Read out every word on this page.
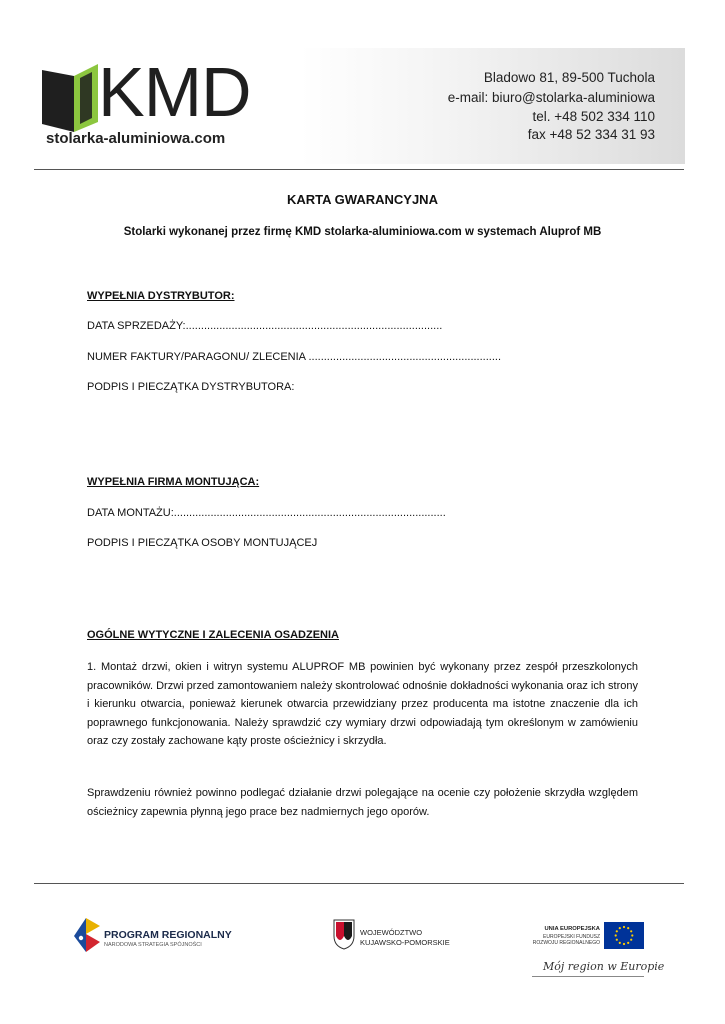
KMD
stolarka-aluminiowa.com
Bladowo 81, 89-500 Tuchola
e-mail: biuro@stolarka-aluminiowa
tel. +48 502 334 110
fax +48 52 334 31 93
KARTA GWARANCYJNA
Stolarki wykonanej przez firmę KMD stolarka-aluminiowa.com w systemach Aluprof MB
WYPEŁNIA DYSTRYBUTOR:
DATA SPRZEDAŻY:....................................................................................
NUMER FAKTURY/PARAGONU/ ZLECENIA ...............................................................
PODPIS I PIECZĄTKA DYSTRYBUTORA:
WYPEŁNIA FIRMA MONTUJĄCA:
DATA MONTAŻU:.........................................................................................
PODPIS I PIECZĄTKA OSOBY MONTUJĄCEJ
OGÓLNE WYTYCZNE I ZALECENIA OSADZENIA

1. Montaż drzwi, okien i witryn systemu ALUPROF MB powinien być wykonany przez zespół przeszkolonych pracowników. Drzwi przed zamontowaniem należy skontrolować odnośnie dokładności wykonania oraz ich strony i kierunku otwarcia, ponieważ kierunek otwarcia przewidziany przez producenta ma istotne znaczenie dla ich poprawnego funkcjonowania. Należy sprawdzić czy wymiary drzwi odpowiadają tym określonym w zamówieniu oraz czy zostały zachowane kąty proste ościeżnicy i skrzydła.

Sprawdzeniu również powinno podlegać działanie drzwi polegające na ocenie czy położenie skrzydła względem ościeżnicy zapewnia płynną jego prace bez nadmiernych jego oporów.

PROGRAM REGIONALNY
NARODOWA STRATEGIA SPÓJNOŚCI
WOJEWÓDZTWO
KUJAWSKO-POMORSKIE
UNIA EUROPEJSKA
EUROPEJSKI FUNDUSZ
ROZWOJU REGIONALNEGO
Mój region w Europie
